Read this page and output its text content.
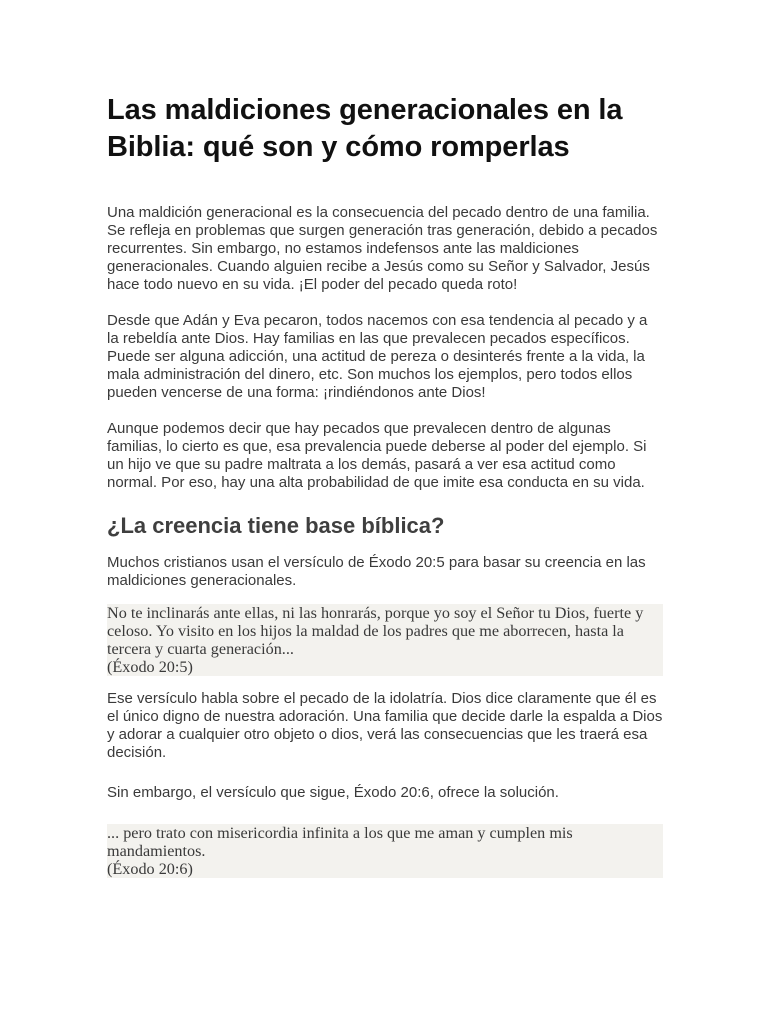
Las maldiciones generacionales en la Biblia: qué son y cómo romperlas

Una maldición generacional es la consecuencia del pecado dentro de una familia. Se refleja en problemas que surgen generación tras generación, debido a pecados recurrentes. Sin embargo, no estamos indefensos ante las maldiciones generacionales. Cuando alguien recibe a Jesús como su Señor y Salvador, Jesús hace todo nuevo en su vida. ¡El poder del pecado queda roto!

Desde que Adán y Eva pecaron, todos nacemos con esa tendencia al pecado y a la rebeldía ante Dios. Hay familias en las que prevalecen pecados específicos. Puede ser alguna adicción, una actitud de pereza o desinterés frente a la vida, la mala administración del dinero, etc. Son muchos los ejemplos, pero todos ellos pueden vencerse de una forma: ¡rindiéndonos ante Dios!

Aunque podemos decir que hay pecados que prevalecen dentro de algunas familias, lo cierto es que, esa prevalencia puede deberse al poder del ejemplo. Si un hijo ve que su padre maltrata a los demás, pasará a ver esa actitud como normal. Por eso, hay una alta probabilidad de que imite esa conducta en su vida.

¿La creencia tiene base bíblica?

Muchos cristianos usan el versículo de Éxodo 20:5 para basar su creencia en las maldiciones generacionales.

No te inclinarás ante ellas, ni las honrarás, porque yo soy el Señor tu Dios, fuerte y celoso. Yo visito en los hijos la maldad de los padres que me aborrecen, hasta la tercera y cuarta generación...
(Éxodo 20:5)

Ese versículo habla sobre el pecado de la idolatría. Dios dice claramente que él es el único digno de nuestra adoración. Una familia que decide darle la espalda a Dios y adorar a cualquier otro objeto o dios, verá las consecuencias que les traerá esa decisión.

Sin embargo, el versículo que sigue, Éxodo 20:6, ofrece la solución.

... pero trato con misericordia infinita a los que me aman y cumplen mis mandamientos.
(Éxodo 20:6)
